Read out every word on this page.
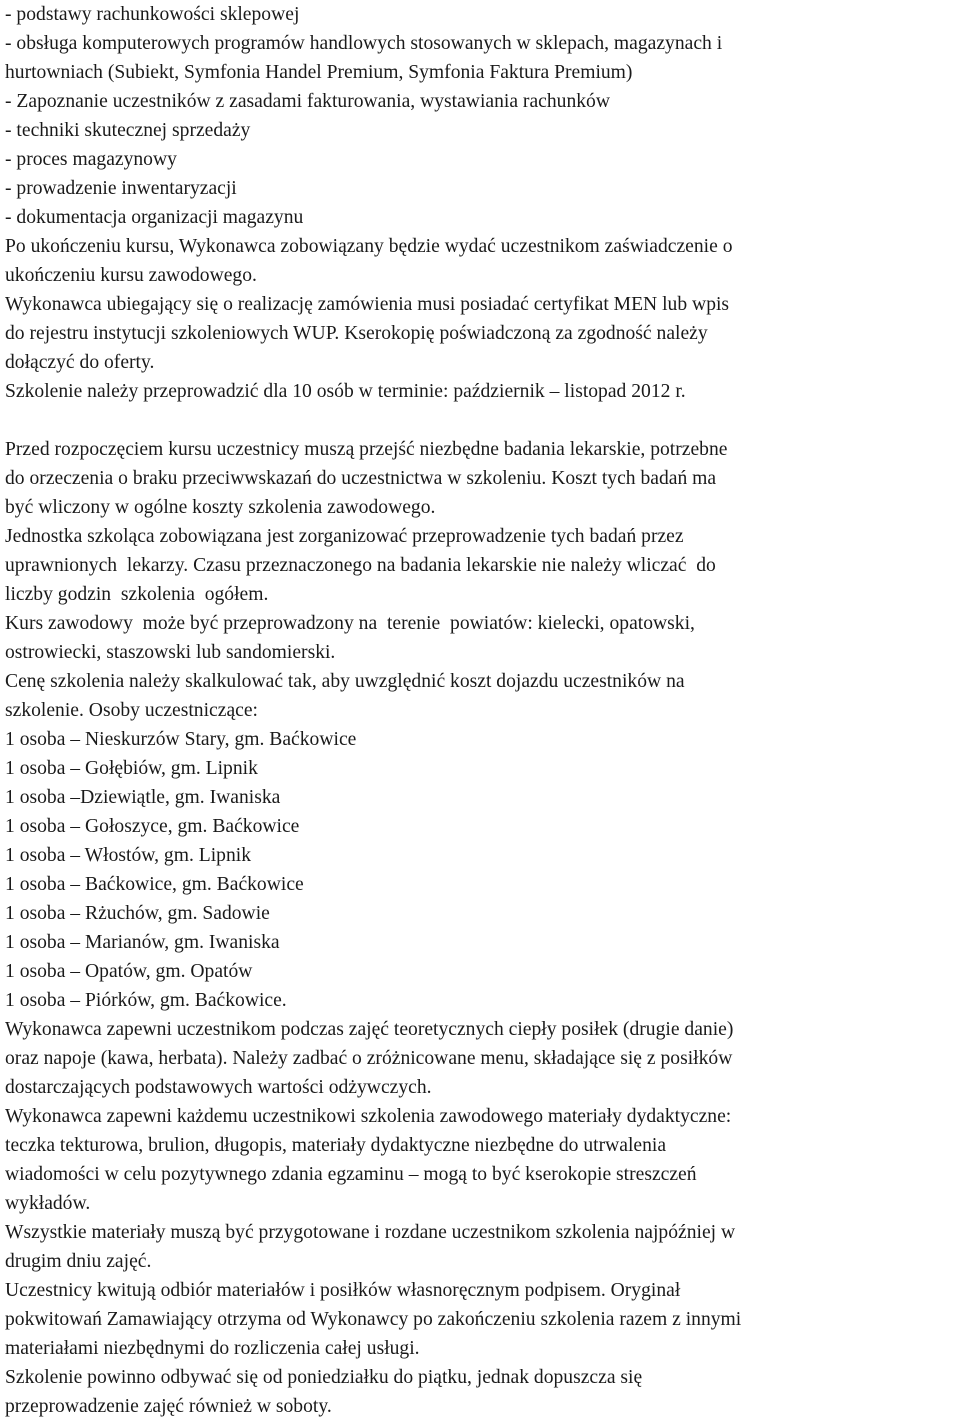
- podstawy rachunkowości sklepowej
- obsługa komputerowych programów handlowych stosowanych w sklepach, magazynach i
hurtowniach (Subiekt, Symfonia Handel Premium, Symfonia Faktura Premium)
- Zapoznanie uczestników z zasadami fakturowania, wystawiania rachunków
- techniki skutecznej sprzedaży
- proces magazynowy
- prowadzenie inwentaryzacji
- dokumentacja organizacji magazynu
Po ukończeniu kursu, Wykonawca zobowiązany będzie wydać uczestnikom zaświadczenie o
ukończeniu kursu zawodowego.
Wykonawca ubiegający się o realizację zamówienia musi posiadać certyfikat MEN lub wpis
do rejestru instytucji szkoleniowych WUP. Kserokopię poświadczoną za zgodność należy
dołączyć do oferty.
Szkolenie należy przeprowadzić dla 10 osób w terminie: październik – listopad 2012 r.
Przed rozpoczęciem kursu uczestnicy muszą przejść niezbędne badania lekarskie, potrzebne
do orzeczenia o braku przeciwwskazań do uczestnictwa w szkoleniu. Koszt tych badań ma
być wliczony w ogólne koszty szkolenia zawodowego.
Jednostka szkoląca zobowiązana jest zorganizować przeprowadzenie tych badań przez
uprawnionych  lekarzy. Czasu przeznaczonego na badania lekarskie nie należy wliczać  do
liczby godzin  szkolenia  ogółem.
Kurs zawodowy  może być przeprowadzony na  terenie  powiatów: kielecki, opatowski,
ostrowiecki, staszowski lub sandomierski.
Cenę szkolenia należy skalkulować tak, aby uwzględnić koszt dojazdu uczestników na
szkolenie. Osoby uczestniczące:
1 osoba – Nieskurzów Stary, gm. Baćkowice
1 osoba – Gołębiów, gm. Lipnik
1 osoba –Dziewiątle, gm. Iwaniska
1 osoba – Gołoszyce, gm. Baćkowice
1 osoba – Włostów, gm. Lipnik
1 osoba – Baćkowice, gm. Baćkowice
1 osoba – Rżuchów, gm. Sadowie
1 osoba – Marianów, gm. Iwaniska
1 osoba – Opatów, gm. Opatów
1 osoba – Piórków, gm. Baćkowice.
Wykonawca zapewni uczestnikom podczas zajęć teoretycznych ciepły posiłek (drugie danie)
oraz napoje (kawa, herbata). Należy zadbać o zróżnicowane menu, składające się z posiłków
dostarczających podstawowych wartości odżywczych.
Wykonawca zapewni każdemu uczestnikowi szkolenia zawodowego materiały dydaktyczne:
teczka tekturowa, brulion, długopis, materiały dydaktyczne niezbędne do utrwalenia
wiadomości w celu pozytywnego zdania egzaminu – mogą to być kserokopie streszczeń
wykładów.
Wszystkie materiały muszą być przygotowane i rozdane uczestnikom szkolenia najpóźniej w
drugim dniu zajęć.
Uczestnicy kwitują odbiór materiałów i posiłków własnoręcznym podpisem. Oryginał
pokwitowań Zamawiający otrzyma od Wykonawcy po zakończeniu szkolenia razem z innymi
materiałami niezbędnymi do rozliczenia całej usługi.
Szkolenie powinno odbywać się od poniedziałku do piątku, jednak dopuszcza się
przeprowadzenie zajęć również w soboty.
